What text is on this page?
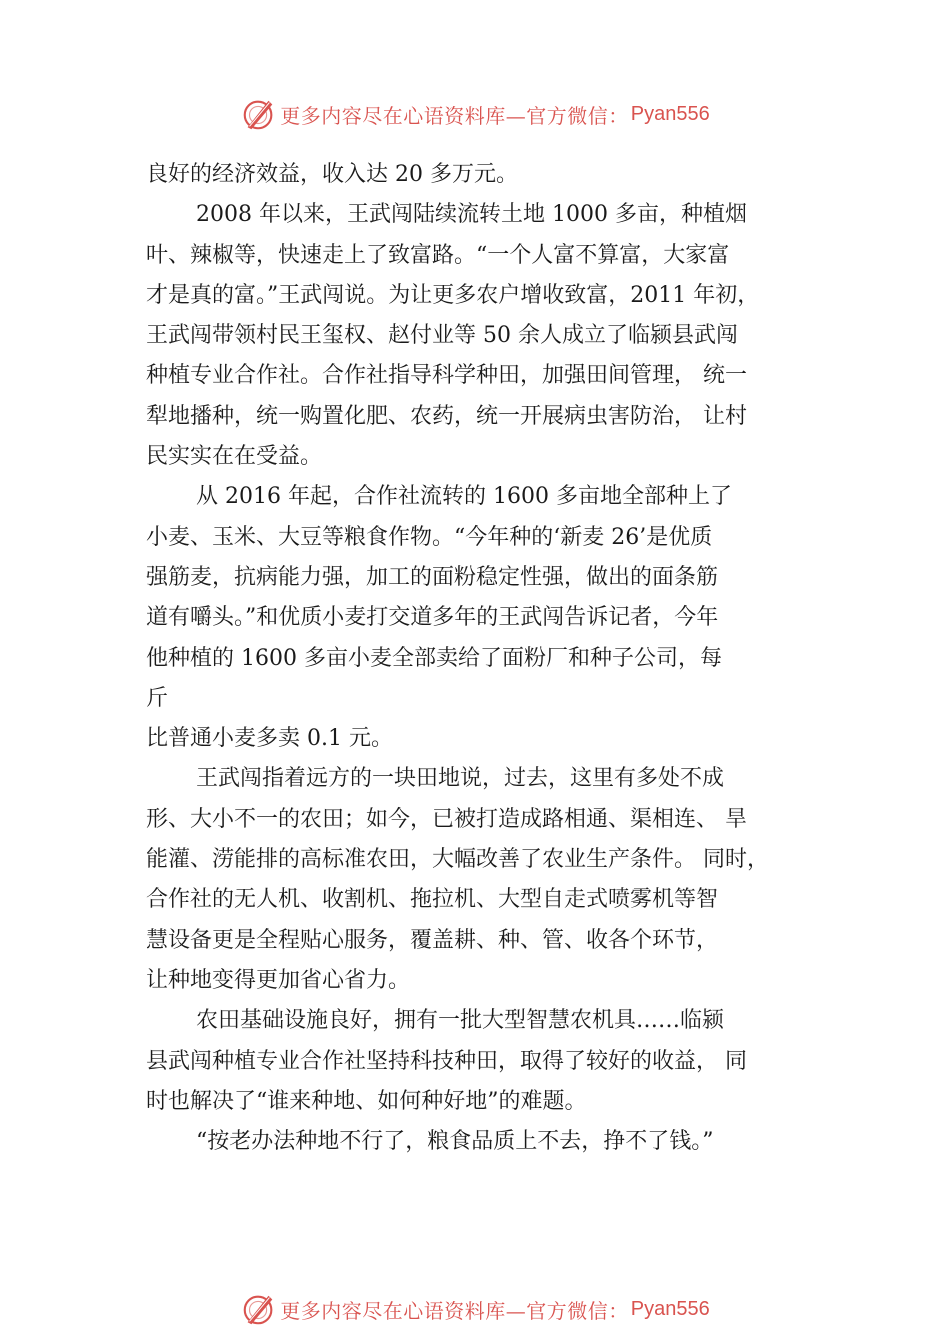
更多内容尽在心语资料库—官方微信： Pyan556
良好的经济效益，收入达 20 多万元。
2008 年以来，王武闯陆续流转土地 1000 多亩，种植烟
叶、辣椒等，快速走上了致富路。“一个人富不算富，大家富
才是真的富。”王武闯说。为让更多农户增收致富，2011 年初，
王武闯带领村民王玺权、赵付业等 50 余人成立了临颍县武闯
种植专业合作社。合作社指导科学种田，加强田间管理， 统一
犁地播种，统一购置化肥、农药，统一开展病虫害防治， 让村
民实实在在受益。
从 2016 年起，合作社流转的 1600 多亩地全部种上了
小麦、玉米、大豆等粮食作物。“今年种的‘新麦 26’是优质
强筋麦，抗病能力强，加工的面粉稳定性强，做出的面条筋
道有嚼头。”和优质小麦打交道多年的王武闯告诉记者，今年
他种植的 1600 多亩小麦全部卖给了面粉厂和种子公司，每
斤
比普通小麦多卖 0.1 元。
王武闯指着远方的一块田地说，过去，这里有多处不成
形、大小不一的农田；如今，已被打造成路相通、渠相连、 旱
能灌、涝能排的高标准农田，大幅改善了农业生产条件。 同时，
合作社的无人机、收割机、拖拉机、大型自走式喷雾机等智
慧设备更是全程贴心服务，覆盖耕、种、管、收各个环节，
让种地变得更加省心省力。
农田基础设施良好，拥有一批大型智慧农机具……临颍
县武闯种植专业合作社坚持科技种田，取得了较好的收益， 同
时也解决了“谁来种地、如何种好地”的难题。
“按老办法种地不行了，粮食品质上不去，挣不了钱。”
更多内容尽在心语资料库—官方微信： Pyan556
